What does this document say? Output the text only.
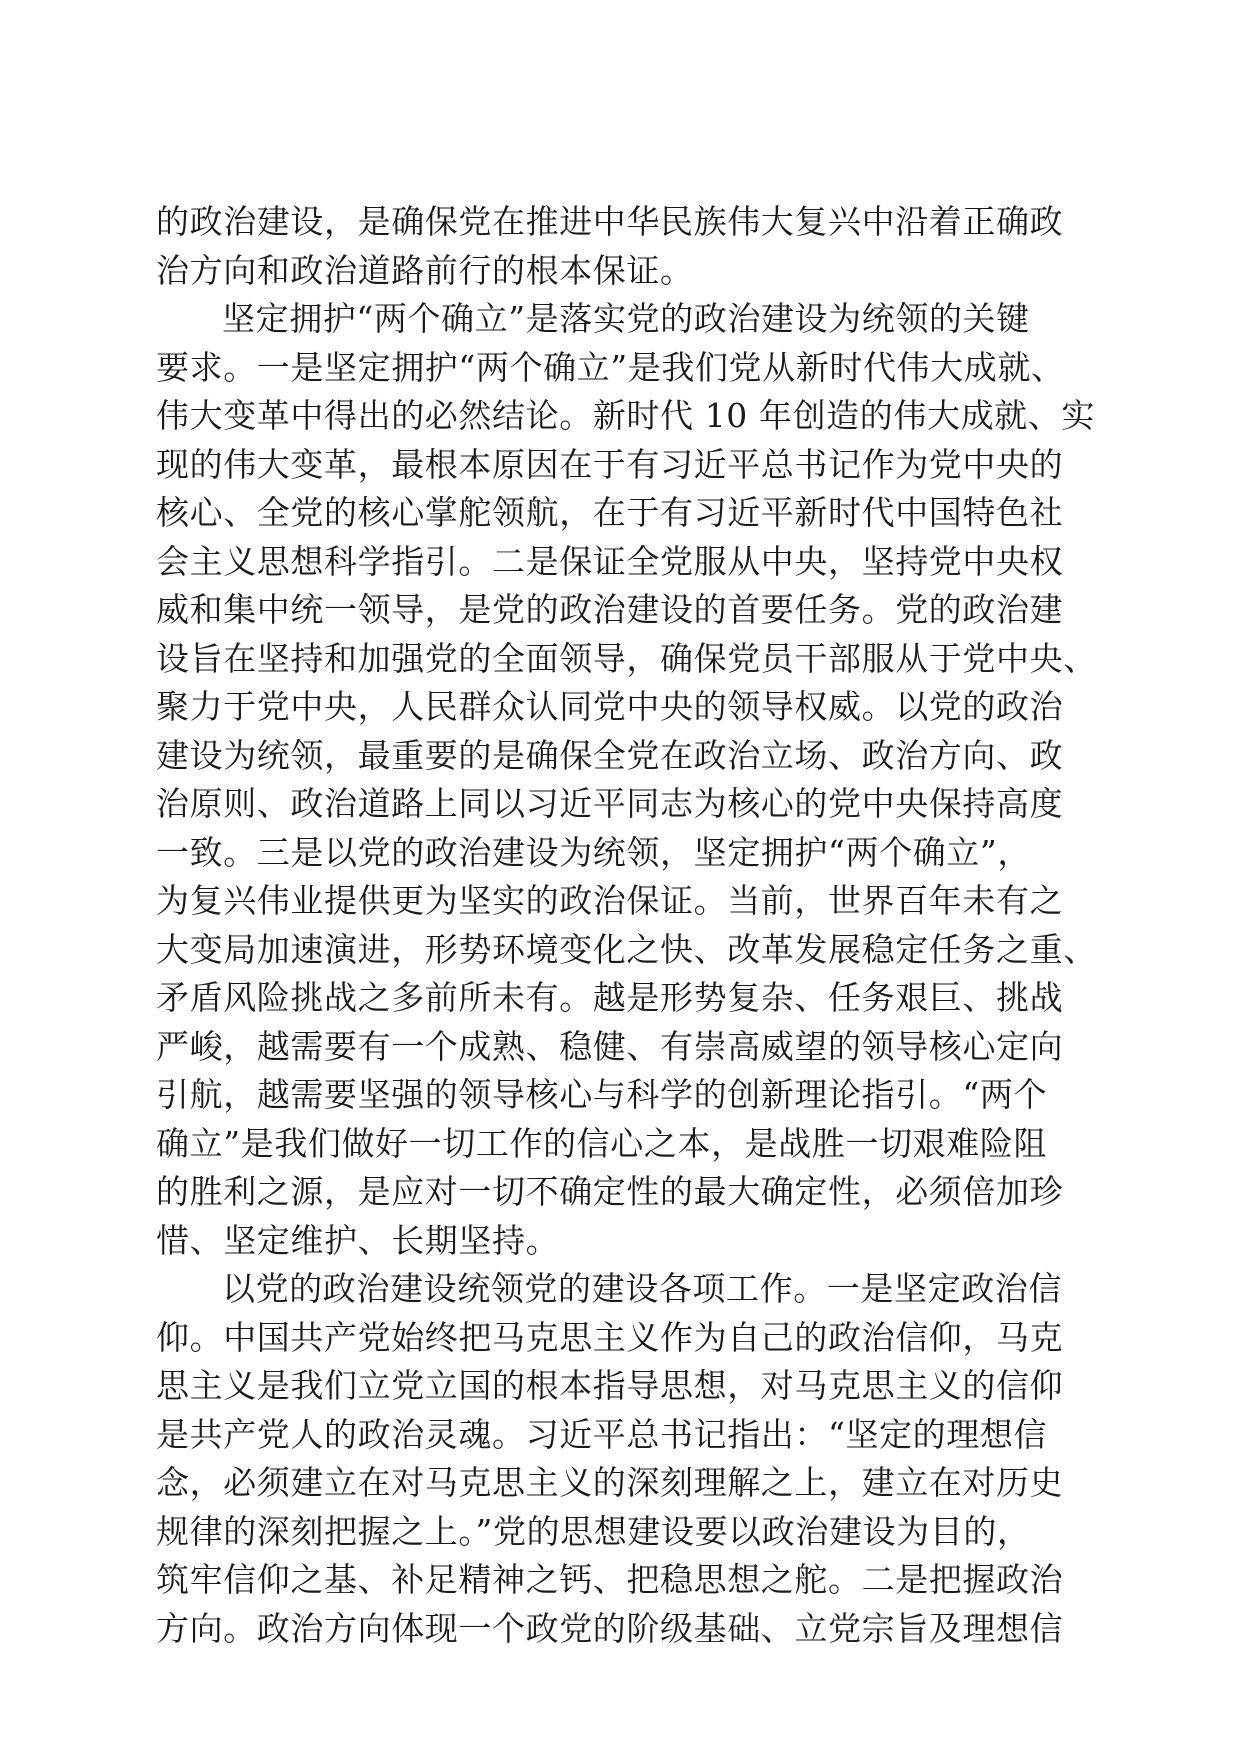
的政治建设，是确保党在推进中华民族伟大复兴中沿着正确政
治方向和政治道路前行的根本保证。
坚定拥护“两个确立”是落实党的政治建设为统领的关键
要求。一是坚定拥护“两个确立”是我们党从新时代伟大成就、
伟大变革中得出的必然结论。新时代 10 年创造的伟大成就、实
现的伟大变革，最根本原因在于有习近平总书记作为党中央的
核心、全党的核心掌舵领航，在于有习近平新时代中国特色社
会主义思想科学指引。二是保证全党服从中央，坚持党中央权
威和集中统一领导，是党的政治建设的首要任务。党的政治建
设旨在坚持和加强党的全面领导，确保党员干部服从于党中央、
聚力于党中央，人民群众认同党中央的领导权威。以党的政治
建设为统领，最重要的是确保全党在政治立场、政治方向、政
治原则、政治道路上同以习近平同志为核心的党中央保持高度
一致。三是以党的政治建设为统领，坚定拥护“两个确立”，
为复兴伟业提供更为坚实的政治保证。当前，世界百年未有之
大变局加速演进，形势环境变化之快、改革发展稳定任务之重、
矛盾风险挑战之多前所未有。越是形势复杂、任务艰巨、挑战
严峻，越需要有一个成熟、稳健、有崇高威望的领导核心定向
引航，越需要坚强的领导核心与科学的创新理论指引。“两个
确立”是我们做好一切工作的信心之本，是战胜一切艰难险阻
的胜利之源，是应对一切不确定性的最大确定性，必须倍加珍
惜、坚定维护、长期坚持。
以党的政治建设统领党的建设各项工作。一是坚定政治信
仰。中国共产党始终把马克思主义作为自己的政治信仰，马克
思主义是我们立党立国的根本指导思想，对马克思主义的信仰
是共产党人的政治灵魂。习近平总书记指出：“坚定的理想信
念，必须建立在对马克思主义的深刻理解之上，建立在对历史
规律的深刻把握之上。”党的思想建设要以政治建设为目的，
筑牢信仰之基、补足精神之钙、把稳思想之舵。二是把握政治
方向。政治方向体现一个政党的阶级基础、立党宗旨及理想信
